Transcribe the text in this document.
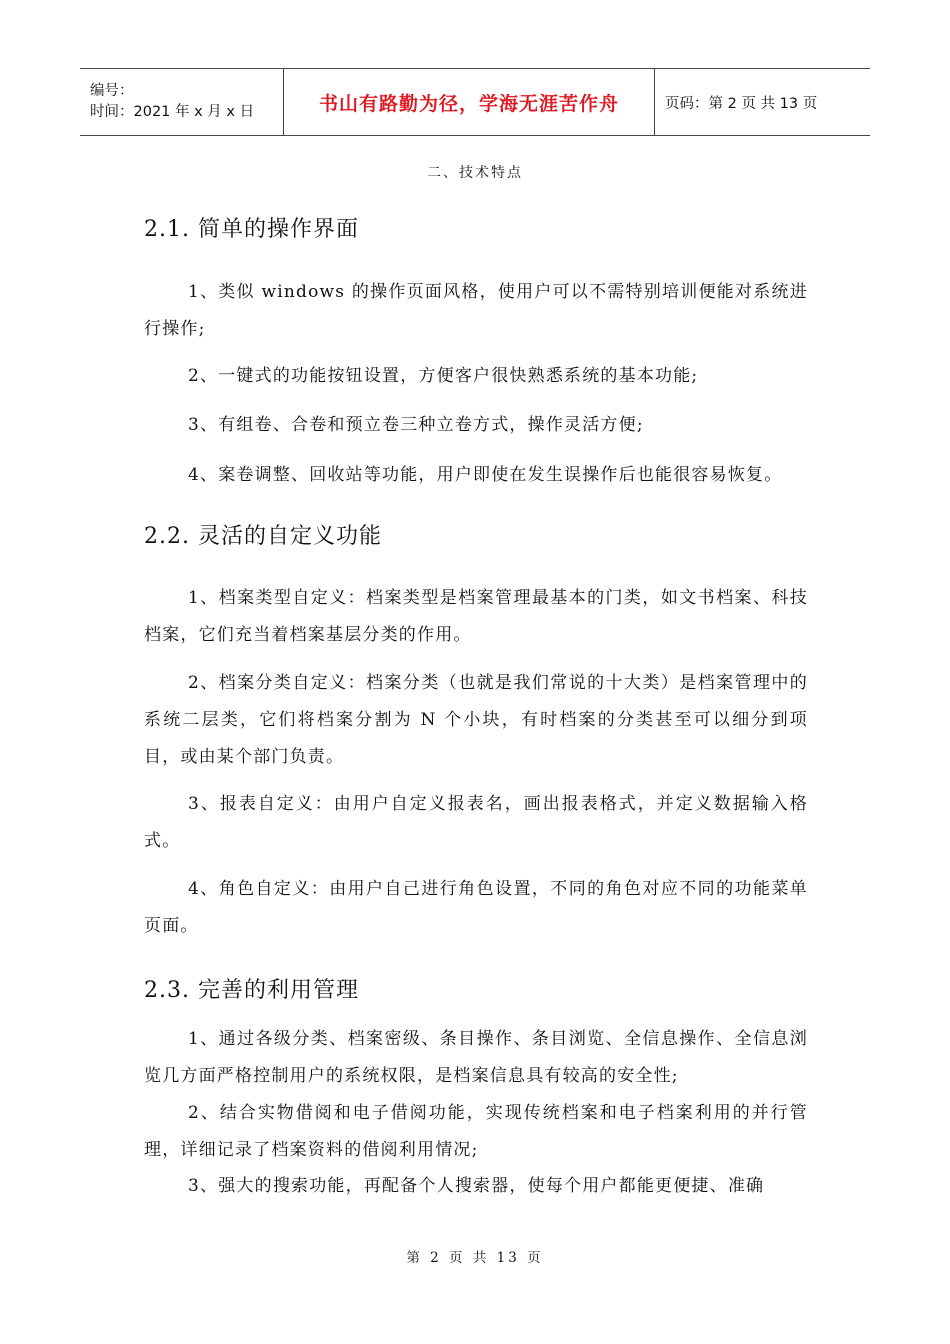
编号：
时间：2021 年 x 月 x 日	书山有路勤为径，学海无涯苦作舟	页码：第 2 页 共 13 页
二、技术特点
2.1. 简单的操作界面

1、类似 windows 的操作页面风格，使用户可以不需特别培训便能对系统进行操作;

2、一键式的功能按钮设置，方便客户很快熟悉系统的基本功能;

3、有组卷、合卷和预立卷三种立卷方式，操作灵活方便;

4、案卷调整、回收站等功能，用户即使在发生误操作后也能很容易恢复。

2.2. 灵活的自定义功能

1、档案类型自定义：档案类型是档案管理最基本的门类，如文书档案、科技档案，它们充当着档案基层分类的作用。

2、档案分类自定义：档案分类（也就是我们常说的十大类）是档案管理中的系统二层类，它们将档案分割为 N 个小块，有时档案的分类甚至可以细分到项目，或由某个部门负责。

3、报表自定义：由用户自定义报表名，画出报表格式，并定义数据输入格式。

4、角色自定义：由用户自己进行角色设置，不同的角色对应不同的功能菜单页面。

2.3. 完善的利用管理

1、通过各级分类、档案密级、条目操作、条目浏览、全信息操作、全信息浏览几方面严格控制用户的系统权限，是档案信息具有较高的安全性;

2、结合实物借阅和电子借阅功能，实现传统档案和电子档案利用的并行管理，详细记录了档案资料的借阅利用情况;

3、强大的搜索功能，再配备个人搜索器，使每个用户都能更便捷、准确

第 2 页 共 13 页
